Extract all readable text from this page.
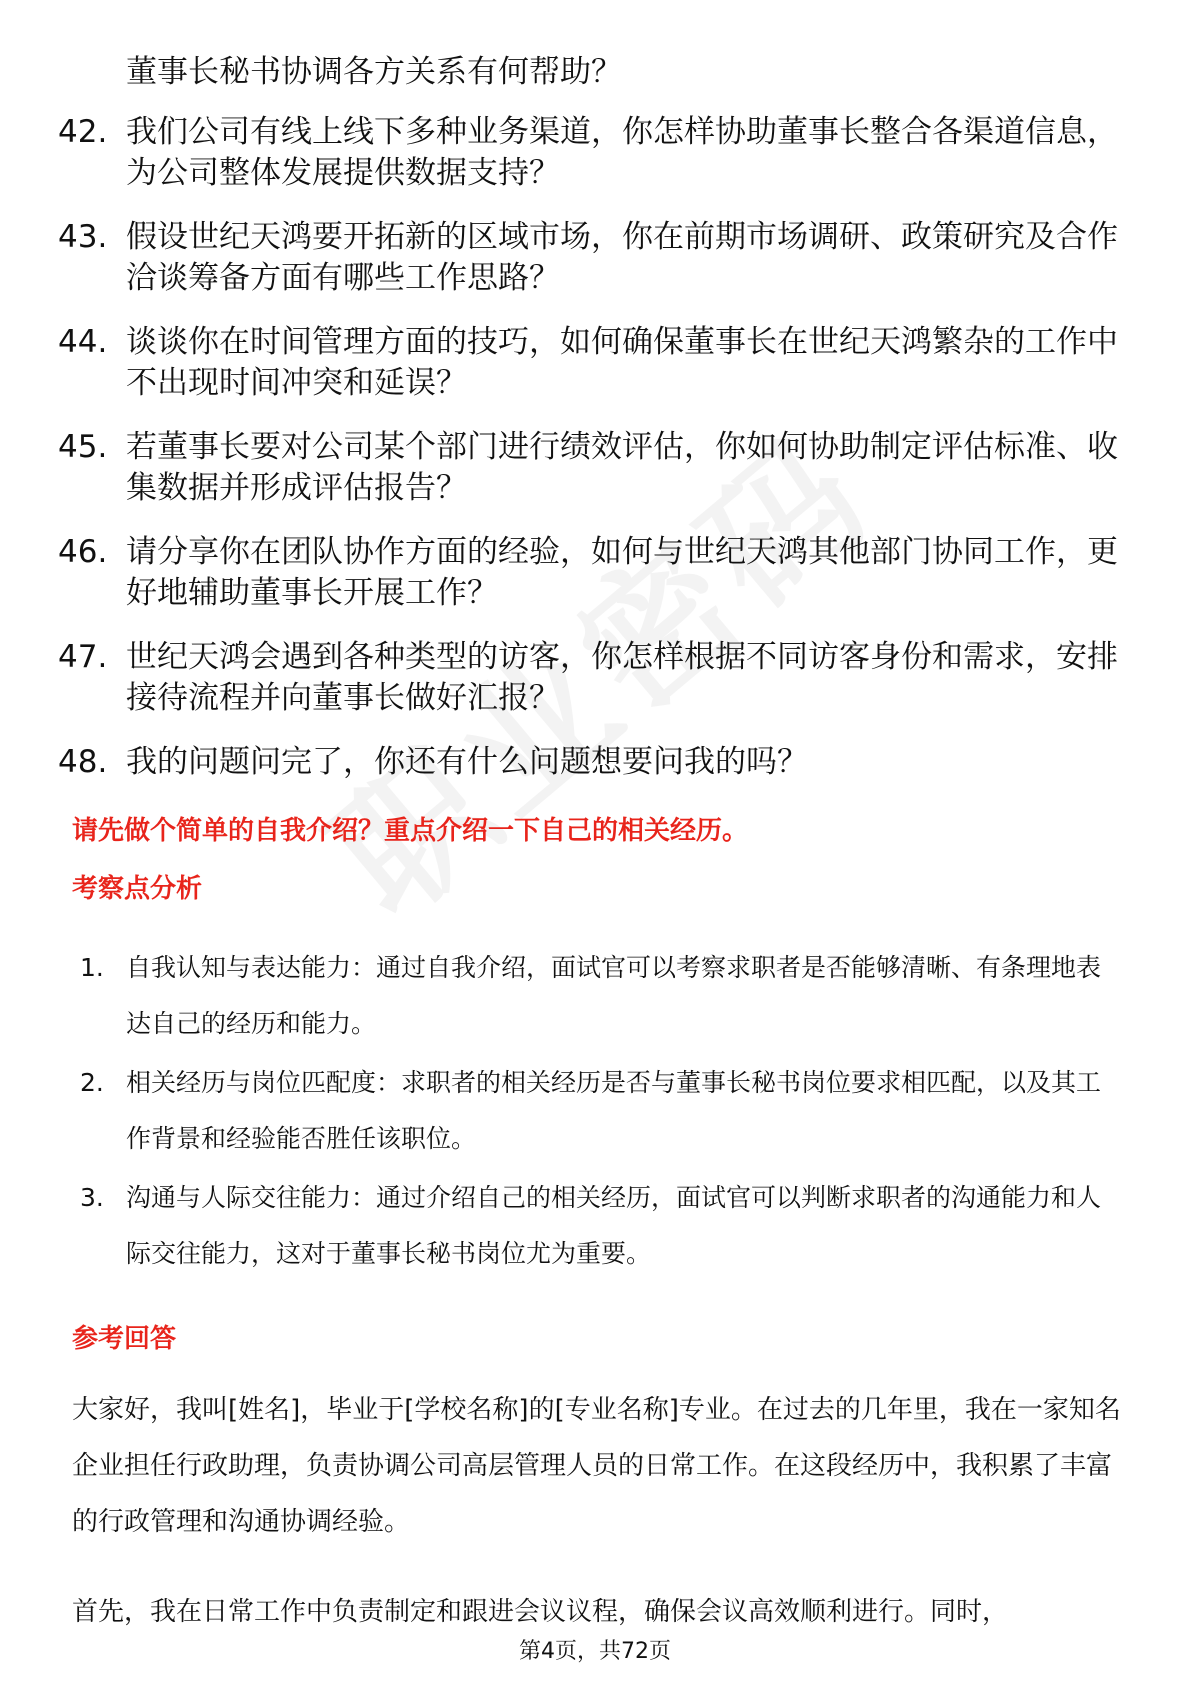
董事长秘书协调各方关系有何帮助？
42. 我们公司有线上线下多种业务渠道，你怎样协助董事长整合各渠道信息，为公司整体发展提供数据支持？
43. 假设世纪天鸿要开拓新的区域市场，你在前期市场调研、政策研究及合作洽谈筹备方面有哪些工作思路？
44. 谈谈你在时间管理方面的技巧，如何确保董事长在世纪天鸿繁杂的工作中不出现时间冲突和延误？
45. 若董事长要对公司某个部门进行绩效评估，你如何协助制定评估标准、收集数据并形成评估报告？
46. 请分享你在团队协作方面的经验，如何与世纪天鸿其他部门协同工作，更好地辅助董事长开展工作？
47. 世纪天鸿会遇到各种类型的访客，你怎样根据不同访客身份和需求，安排接待流程并向董事长做好汇报？
48. 我的问题问完了，你还有什么问题想要问我的吗？
请先做个简单的自我介绍？重点介绍一下自己的相关经历。
考察点分析
1. 自我认知与表达能力：通过自我介绍，面试官可以考察求职者是否能够清晰、有条理地表达自己的经历和能力。
2. 相关经历与岗位匹配度：求职者的相关经历是否与董事长秘书岗位要求相匹配，以及其工作背景和经验能否胜任该职位。
3. 沟通与人际交往能力：通过介绍自己的相关经历，面试官可以判断求职者的沟通能力和人际交往能力，这对于董事长秘书岗位尤为重要。
参考回答
大家好，我叫[姓名]，毕业于[学校名称]的[专业名称]专业。在过去的几年里，我在一家知名企业担任行政助理，负责协调公司高层管理人员的日常工作。在这段经历中，我积累了丰富的行政管理和沟通协调经验。
首先，我在日常工作中负责制定和跟进会议议程，确保会议高效顺利进行。同时，
第4页，共72页
